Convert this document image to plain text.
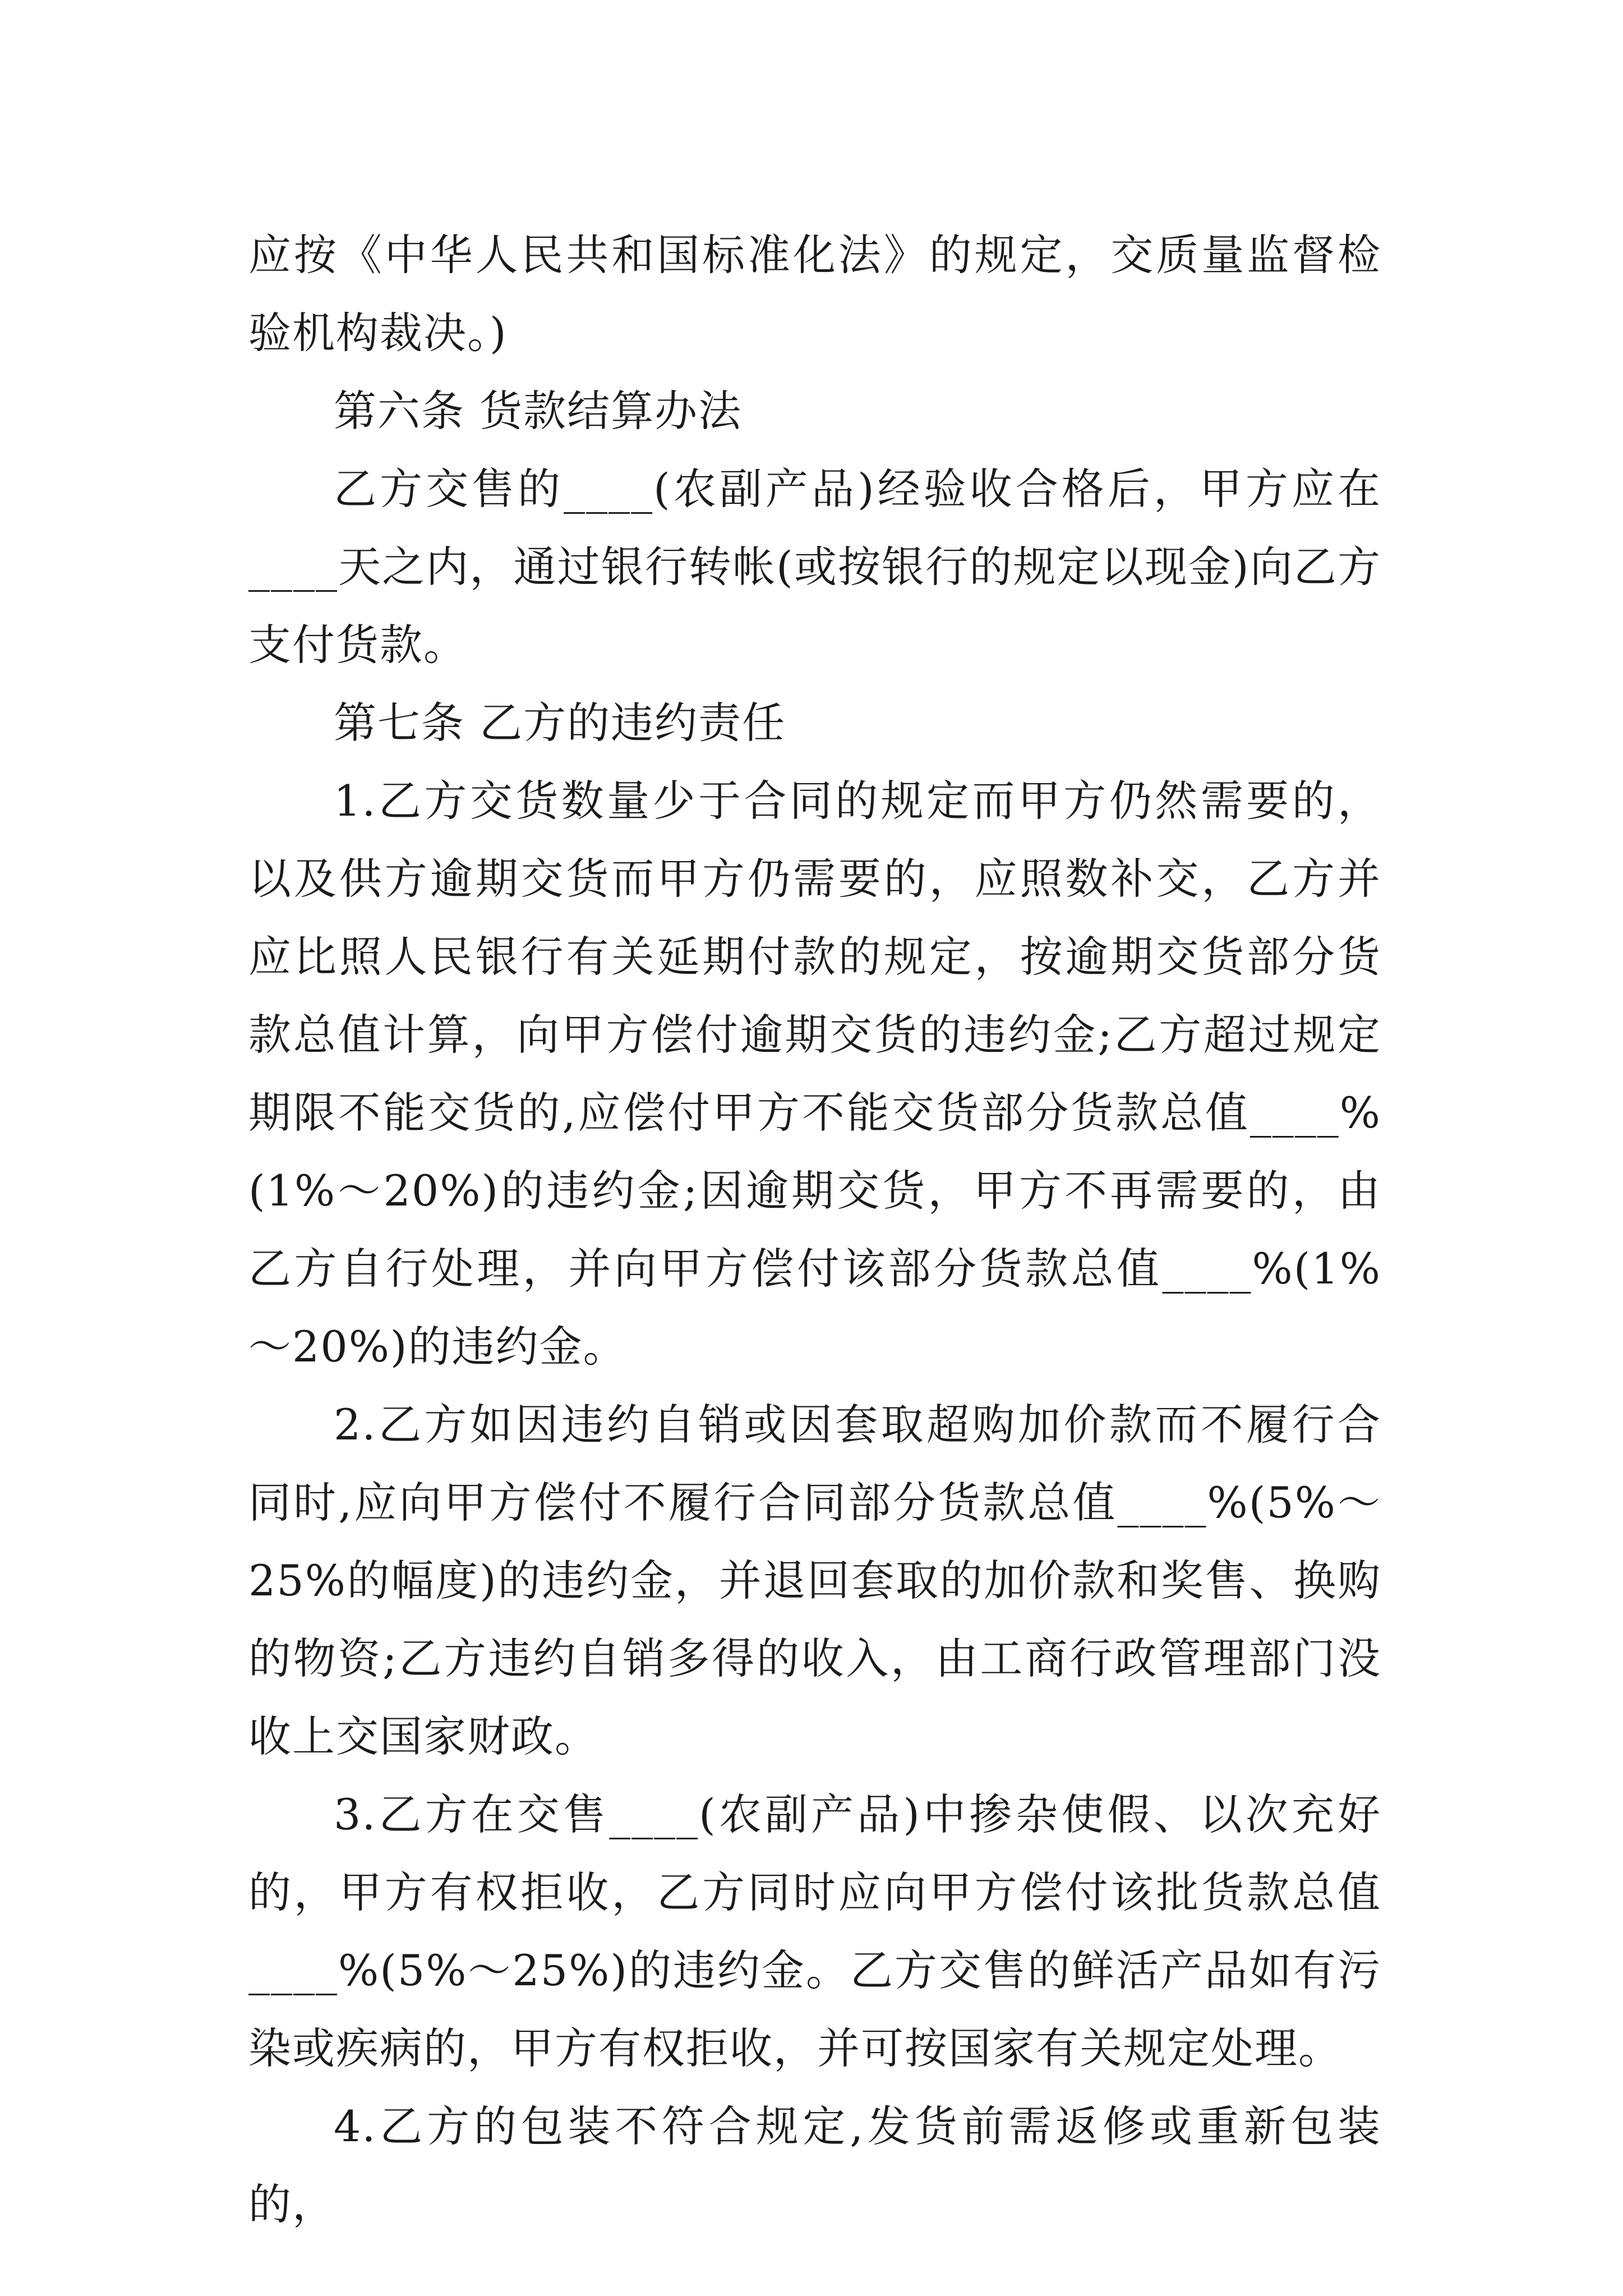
应按《中华人民共和国标准化法》的规定，交质量监督检验机构裁决。)

第六条 货款结算办法

乙方交售的____(农副产品)经验收合格后，甲方应在____天之内，通过银行转帐(或按银行的规定以现金)向乙方支付货款。

第七条 乙方的违约责任

1.乙方交货数量少于合同的规定而甲方仍然需要的，以及供方逾期交货而甲方仍需要的，应照数补交，乙方并应比照人民银行有关延期付款的规定，按逾期交货部分货款总值计算，向甲方偿付逾期交货的违约金;乙方超过规定期限不能交货的,应偿付甲方不能交货部分货款总值____%(1%～20%)的违约金;因逾期交货，甲方不再需要的，由乙方自行处理，并向甲方偿付该部分货款总值____%(1%～20%)的违约金。

2.乙方如因违约自销或因套取超购加价款而不履行合同时,应向甲方偿付不履行合同部分货款总值____%(5%～25%的幅度)的违约金，并退回套取的加价款和奖售、换购的物资;乙方违约自销多得的收入，由工商行政管理部门没收上交国家财政。

3.乙方在交售____(农副产品)中掺杂使假、以次充好的，甲方有权拒收，乙方同时应向甲方偿付该批货款总值____%(5%～25%)的违约金。乙方交售的鲜活产品如有污染或疾病的，甲方有权拒收，并可按国家有关规定处理。

4.乙方的包装不符合规定,发货前需返修或重新包装的，
